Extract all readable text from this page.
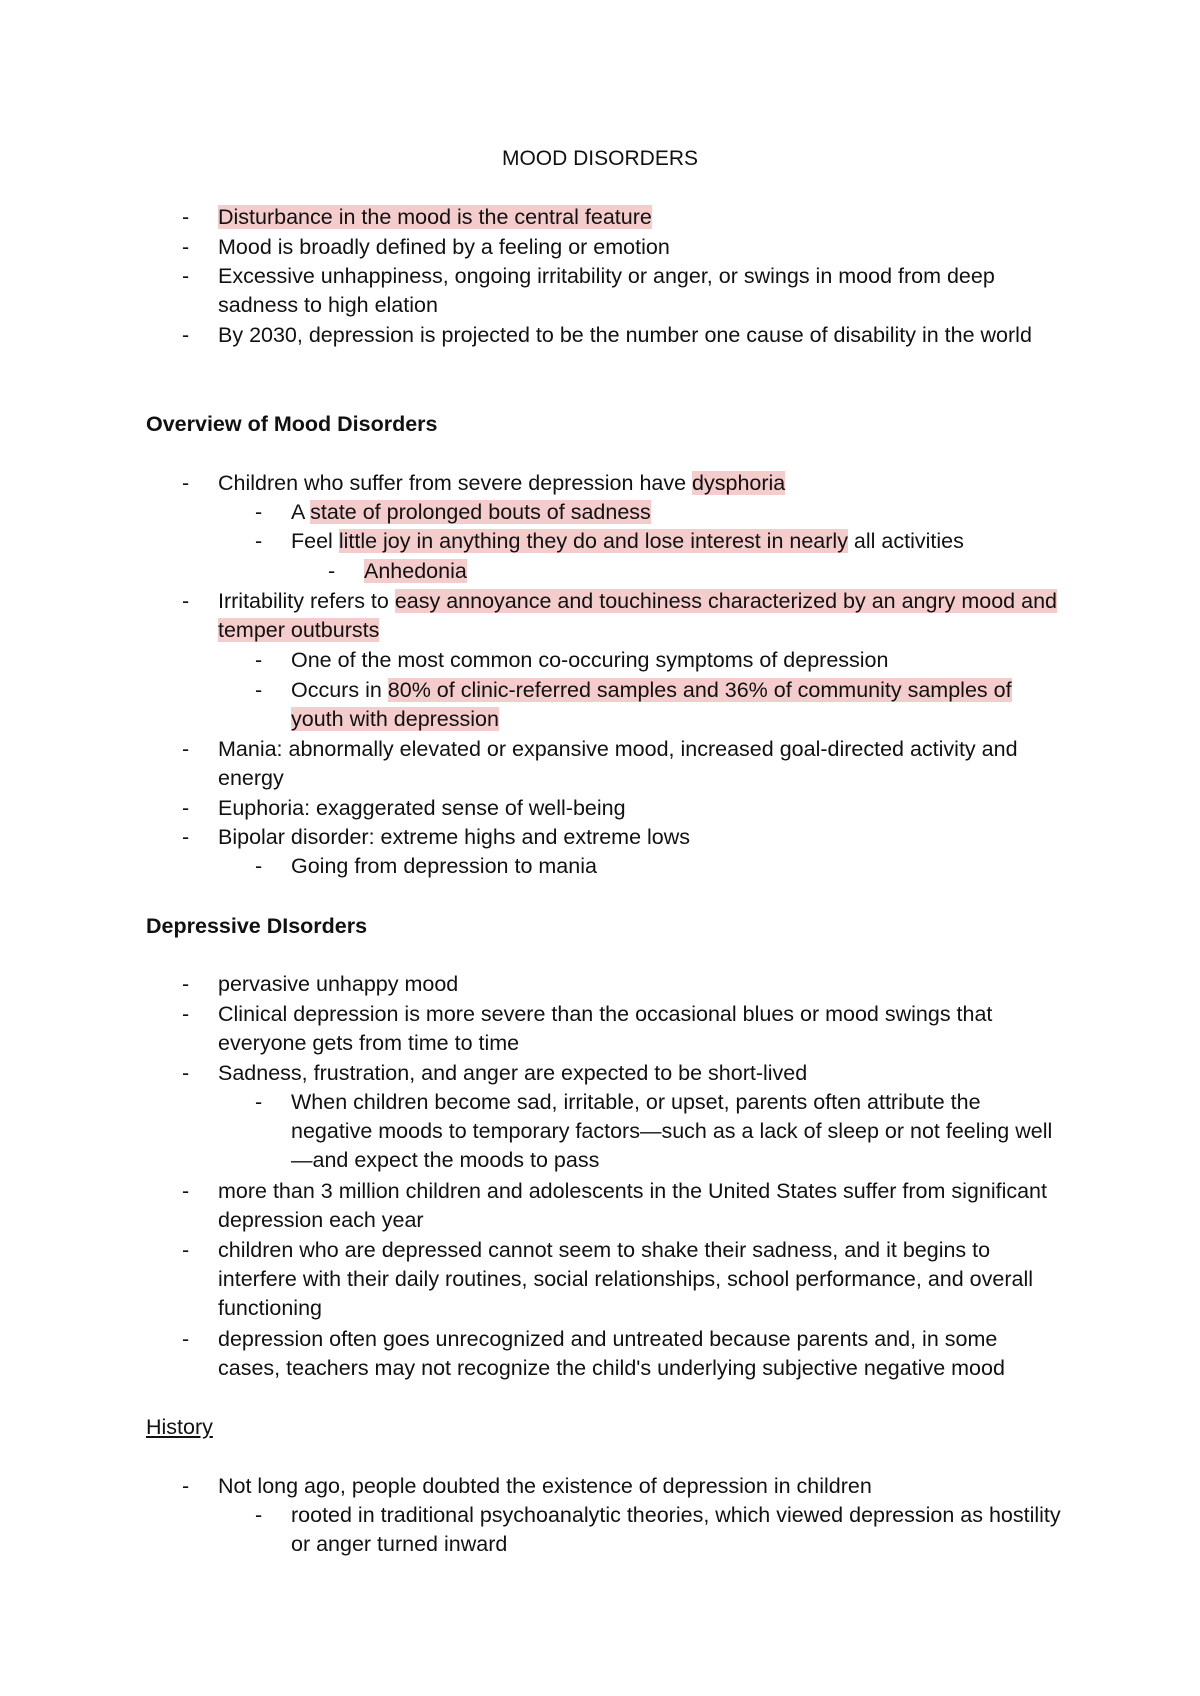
MOOD DISORDERS
- Disturbance in the mood is the central feature
- Mood is broadly defined by a feeling or emotion
- Excessive unhappiness, ongoing irritability or anger, or swings in mood from deep sadness to high elation
- By 2030, depression is projected to be the number one cause of disability in the world
Overview of Mood Disorders
- Children who suffer from severe depression have dysphoria
- A state of prolonged bouts of sadness
- Feel little joy in anything they do and lose interest in nearly all activities
- Anhedonia
- Irritability refers to easy annoyance and touchiness characterized by an angry mood and temper outbursts
- One of the most common co-occuring symptoms of depression
- Occurs in 80% of clinic-referred samples and 36% of community samples of youth with depression
- Mania: abnormally elevated or expansive mood, increased goal-directed activity and energy
- Euphoria: exaggerated sense of well-being
- Bipolar disorder: extreme highs and extreme lows
- Going from depression to mania
Depressive DIsorders
- pervasive unhappy mood
- Clinical depression is more severe than the occasional blues or mood swings that everyone gets from time to time
- Sadness, frustration, and anger are expected to be short-lived
- When children become sad, irritable, or upset, parents often attribute the negative moods to temporary factors—such as a lack of sleep or not feeling well—and expect the moods to pass
- more than 3 million children and adolescents in the United States suffer from significant depression each year
- children who are depressed cannot seem to shake their sadness, and it begins to interfere with their daily routines, social relationships, school performance, and overall functioning
- depression often goes unrecognized and untreated because parents and, in some cases, teachers may not recognize the child's underlying subjective negative mood
History
- Not long ago, people doubted the existence of depression in children
- rooted in traditional psychoanalytic theories, which viewed depression as hostility or anger turned inward
